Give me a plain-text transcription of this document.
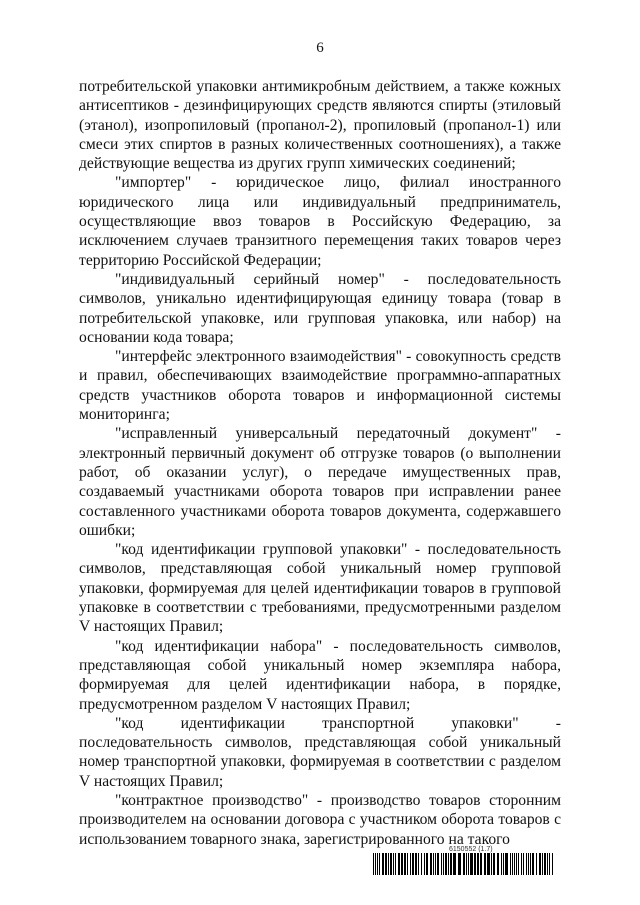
6

потребительской упаковки антимикробным действием, а также кожных антисептиков - дезинфицирующих средств являются спирты (этиловый (этанол), изопропиловый (пропанол-2), пропиловый (пропанол-1) или смеси этих спиртов в разных количественных соотношениях), а также действующие вещества из других групп химических соединений;

"импортер" - юридическое лицо, филиал иностранного юридического лица или индивидуальный предприниматель, осуществляющие ввоз товаров в Российскую Федерацию, за исключением случаев транзитного перемещения таких товаров через территорию Российской Федерации;

"индивидуальный серийный номер" - последовательность символов, уникально идентифицирующая единицу товара (товар в потребительской упаковке, или групповая упаковка, или набор) на основании кода товара;

"интерфейс электронного взаимодействия" - совокупность средств и правил, обеспечивающих взаимодействие программно-аппаратных средств участников оборота товаров и информационной системы мониторинга;

"исправленный универсальный передаточный документ" - электронный первичный документ об отгрузке товаров (о выполнении работ, об оказании услуг), о передаче имущественных прав, создаваемый участниками оборота товаров при исправлении ранее составленного участниками оборота товаров документа, содержавшего ошибки;

"код идентификации групповой упаковки" - последовательность символов, представляющая собой уникальный номер групповой упаковки, формируемая для целей идентификации товаров в групповой упаковке в соответствии с требованиями, предусмотренными разделом V настоящих Правил;

"код идентификации набора" - последовательность символов, представляющая собой уникальный номер экземпляра набора, формируемая для целей идентификации набора, в порядке, предусмотренном разделом V настоящих Правил;

"код идентификации транспортной упаковки" - последовательность символов, представляющая собой уникальный номер транспортной упаковки, формируемая в соответствии с разделом V настоящих Правил;

"контрактное производство" - производство товаров сторонним производителем на основании договора с участником оборота товаров с использованием товарного знака, зарегистрированного на такого

6150552 (1.7)
